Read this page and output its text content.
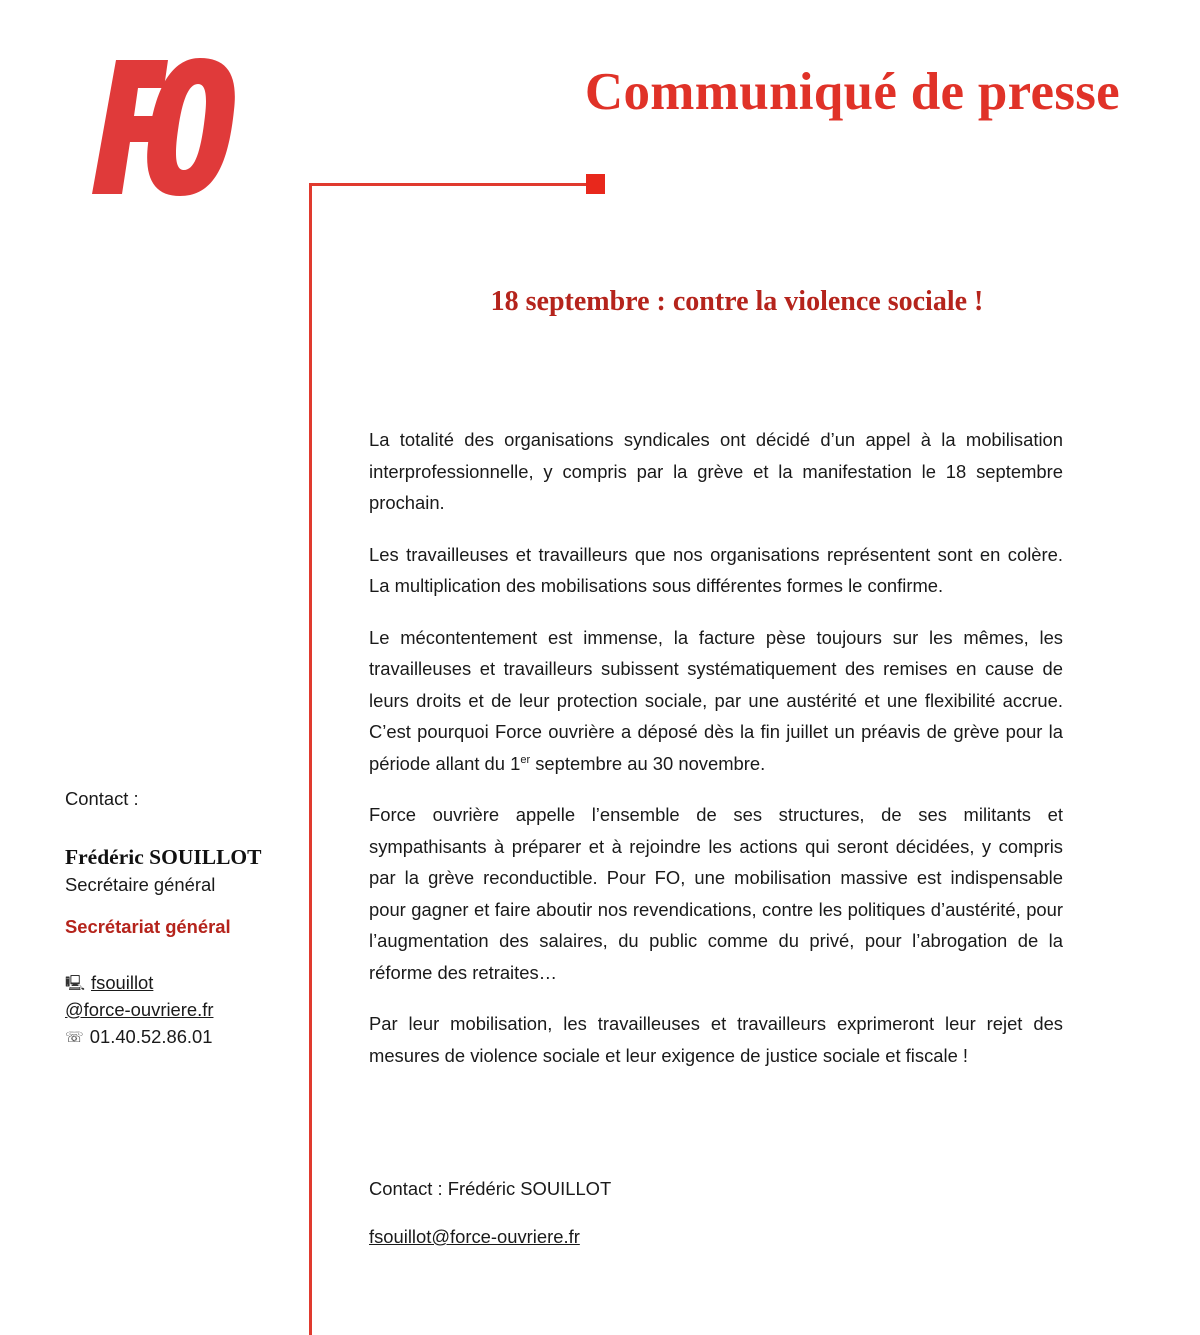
Communiqué de presse
18 septembre : contre la violence sociale !

La totalité des organisations syndicales ont décidé d’un appel à la mobilisation interprofessionnelle, y compris par la grève et la manifestation le 18 septembre prochain.

Les travailleuses et travailleurs que nos organisations représentent sont en colère. La multiplication des mobilisations sous différentes formes le confirme.

Le mécontentement est immense, la facture pèse toujours sur les mêmes, les travailleuses et travailleurs subissent systématiquement des remises en cause de leurs droits et de leur protection sociale, par une austérité et une flexibilité accrue. C’est pourquoi Force ouvrière a déposé dès la fin juillet un préavis de grève pour la période allant du 1er septembre au 30 novembre.

Force ouvrière appelle l’ensemble de ses structures, de ses militants et sympathisants à préparer et à rejoindre les actions qui seront décidées, y compris par la grève reconductible. Pour FO, une mobilisation massive est indispensable pour gagner et faire aboutir nos revendications, contre les politiques d’austérité, pour l’augmentation des salaires, du public comme du privé, pour l’abrogation de la réforme des retraites…

Par leur mobilisation, les travailleuses et travailleurs exprimeront leur rejet des mesures de violence sociale et leur exigence de justice sociale et fiscale !

Contact : Frédéric SOUILLOT
fsouillot@force-ouvriere.fr
Contact :
Frédéric SOUILLOT
Secrétaire général
Secrétariat général
🖳 fsouillot
@force-ouvriere.fr
☏ 01.40.52.86.01
